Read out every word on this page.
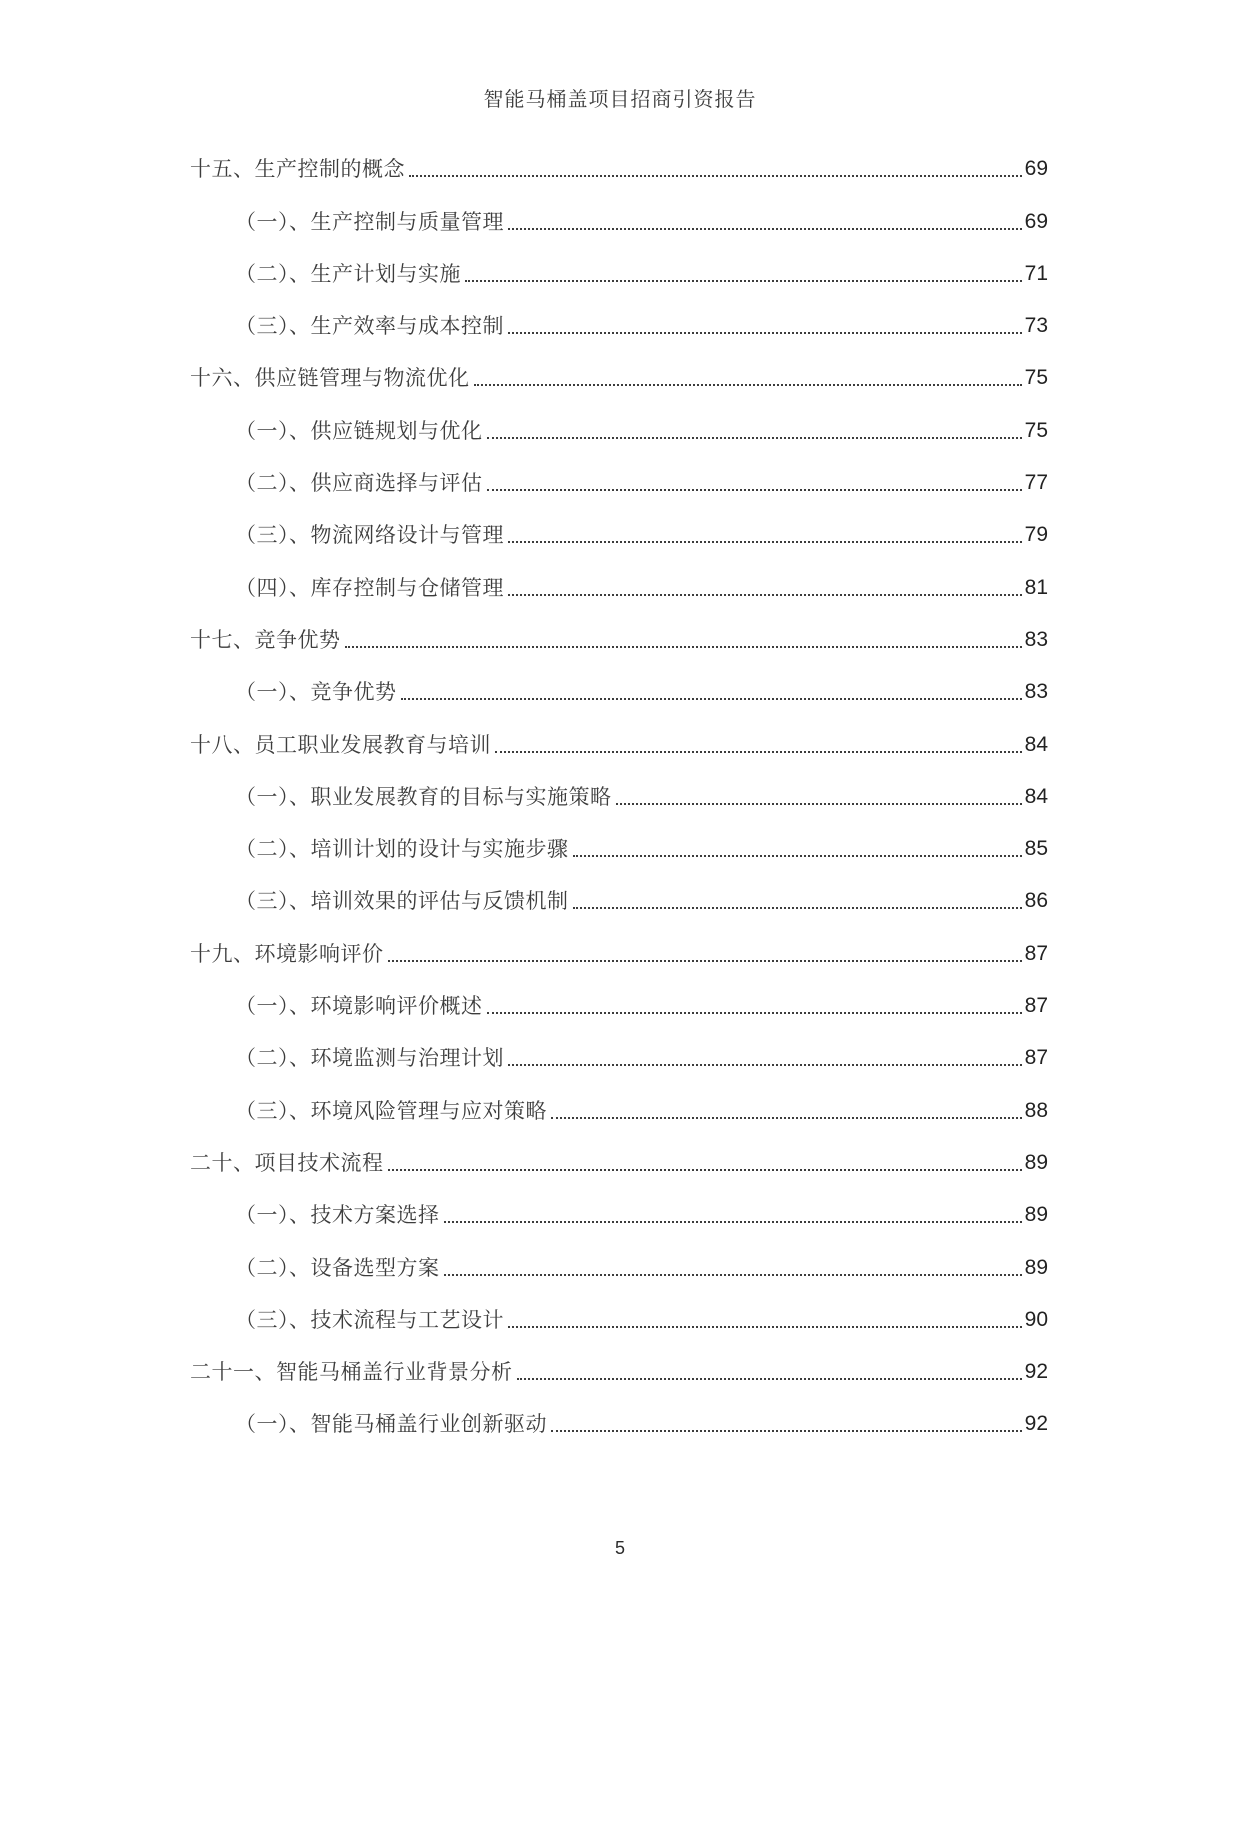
智能马桶盖项目招商引资报告
十五、生产控制的概念	69
（一）、生产控制与质量管理	69
（二）、生产计划与实施	71
（三）、生产效率与成本控制	73
十六、供应链管理与物流优化	75
（一）、供应链规划与优化	75
（二）、供应商选择与评估	77
（三）、物流网络设计与管理	79
（四）、库存控制与仓储管理	81
十七、竞争优势	83
（一）、竞争优势	83
十八、员工职业发展教育与培训	84
（一）、职业发展教育的目标与实施策略	84
（二）、培训计划的设计与实施步骤	85
（三）、培训效果的评估与反馈机制	86
十九、环境影响评价	87
（一）、环境影响评价概述	87
（二）、环境监测与治理计划	87
（三）、环境风险管理与应对策略	88
二十、项目技术流程	89
（一）、技术方案选择	89
（二）、设备选型方案	89
（三）、技术流程与工艺设计	90
二十一、智能马桶盖行业背景分析	92
（一）、智能马桶盖行业创新驱动	92
5
